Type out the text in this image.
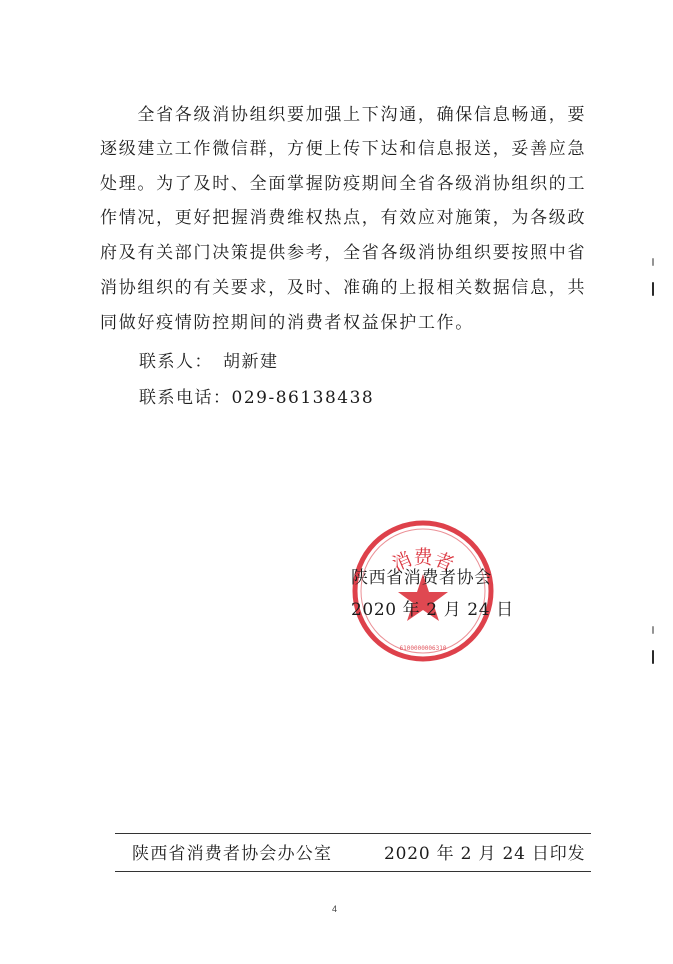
　　全省各级消协组织要加强上下沟通，确保信息畅通，要
逐级建立工作微信群，方便上传下达和信息报送，妥善应急
处理。为了及时、全面掌握防疫期间全省各级消协组织的工
作情况，更好把握消费维权热点，有效应对施策，为各级政
府及有关部门决策提供参考，全省各级消协组织要按照中省
消协组织的有关要求，及时、准确的上报相关数据信息，共
同做好疫情防控期间的消费者权益保护工作。
联系人：　胡新建
联系电话：029-86138438
消费者
6100000006310
陕西省消费者协会
2020 年 2 月 24 日
陕西省消费者协会办公室	2020 年 2 月 24 日印发
4
